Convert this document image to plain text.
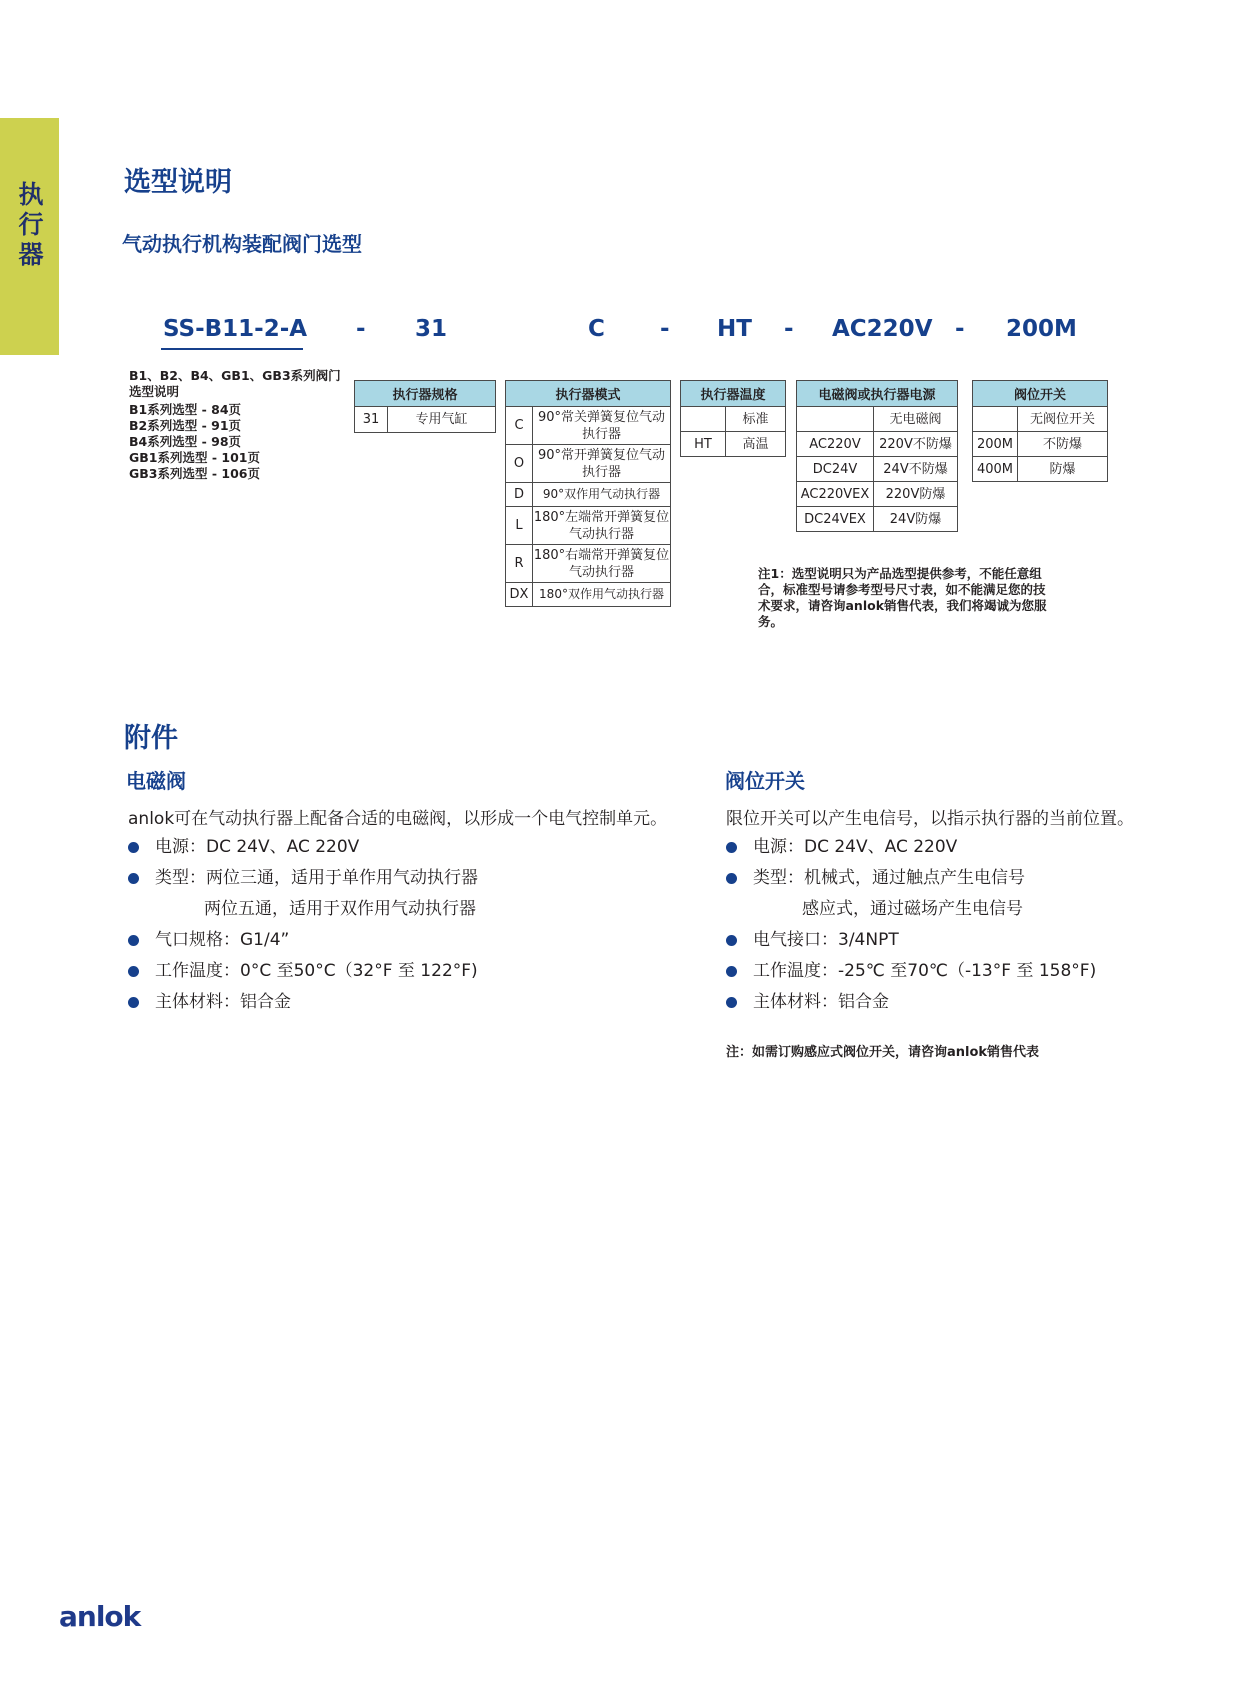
执
行
器
选型说明
气动执行机构装配阀门选型
SS-B11-2-A - 31	C - HT - AC220V - 200M
B1、B2、B4、GB1、GB3系列阀门
选型说明
B1系列选型 - 84页
B2系列选型 - 91页
B4系列选型 - 98页
GB1系列选型 - 101页
GB3系列选型 - 106页
执行器规格
31	专用气缸
执行器模式	
C	90°常关弹簧复位气动执行器
O	90°常开弹簧复位气动执行器
D	90°双作用气动执行器
L	180°左端常开弹簧复位气动执行器
R	180°右端常开弹簧复位气动执行器
DX	180°双作用气动执行器
执行器温度	
	标准
HT	高温
电磁阀或执行器电源	
	无电磁阀
AC220V	220V不防爆
DC24V	24V不防爆
AC220VEX	220V防爆
DC24VEX	24V防爆
阀位开关	
	无阀位开关
200M	不防爆
400M	防爆
注1：选型说明只为产品选型提供参考，不能任意组
合，标准型号请参考型号尺寸表，如不能满足您的技
术要求，请咨询anlok销售代表，我们将竭诚为您服
务。
附件
电磁阀
anlok可在气动执行器上配备合适的电磁阀，以形成一个电气控制单元。
电源：DC 24V、AC 220V
类型：两位三通，适用于单作用气动执行器
两位五通，适用于双作用气动执行器
气口规格：G1/4”
工作温度：0°C 至50°C（32°F 至 122°F)
主体材料：铝合金
阀位开关
限位开关可以产生电信号，以指示执行器的当前位置。
电源：DC 24V、AC 220V
类型：机械式，通过触点产生电信号
感应式，通过磁场产生电信号
电气接口：3/4NPT
工作温度：-25℃ 至70℃（-13°F 至 158°F)
主体材料：铝合金
注：如需订购感应式阀位开关，请咨询anlok销售代表
anlok
